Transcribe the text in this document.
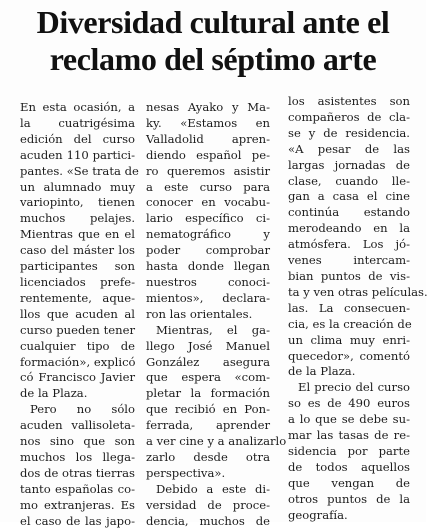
Diversidad cultural ante el
reclamo del séptimo arte
En esta ocasión, a
la cuatrigésima
edición del curso
acuden 110 partici-
pantes. «Se trata de
un alumnado muy
variopinto, tienen
muchos pelajes.
Mientras que en el
caso del máster los
participantes son
licenciados prefe-
rentemente, aque-
llos que acuden al
curso pueden tener
cualquier tipo de
formación», explicó
có Francisco Javier
de la Plaza.
Pero no sólo
acuden vallisoletа-
nos sino que son
muchos los llega-
dos de otras tierras
tanto españolas co-
mo extranjeras. Es
el caso de las japo-
nesas Ayako y Ma-
ky. «Estamos en
Valladolid apren-
diendo español pe-
ro queremos asistir
a este curso para
conocer en vocabu-
lario específico ci-
nematográfico y
poder comprobar
hasta donde llegan
nuestros conoci-
mientos», declara-
ron las orientales.
Mientras, el ga-
llego José Manuel
González asegura
que espera «com-
pletar la formación
que recibió en Pon-
ferrada, aprender
a ver cine y a analizarlo
zarlo desde otra
perspectiva».
Debido a este di-
versidad de proce-
dencia, muchos de
los asistentes son
compañeros de cla-
se y de residencia.
«A pesar de las
largas jornadas de
clase, cuando lle-
gan a casa el cine
continúa estando
merodeando en la
atmósfera. Los jó-
venes intercam-
bian puntos de vis-
ta y ven otras películas.
las. La consecuen-
cia, es la creación de
un clima muy enri-
quecedor», comentó
de la Plaza.
El precio del curso
so es de 490 euros
a lo que se debe su-
mar las tasas de re-
sidencia por parte
de todos aquellos
que vengan de
otros puntos de la
geografía.
